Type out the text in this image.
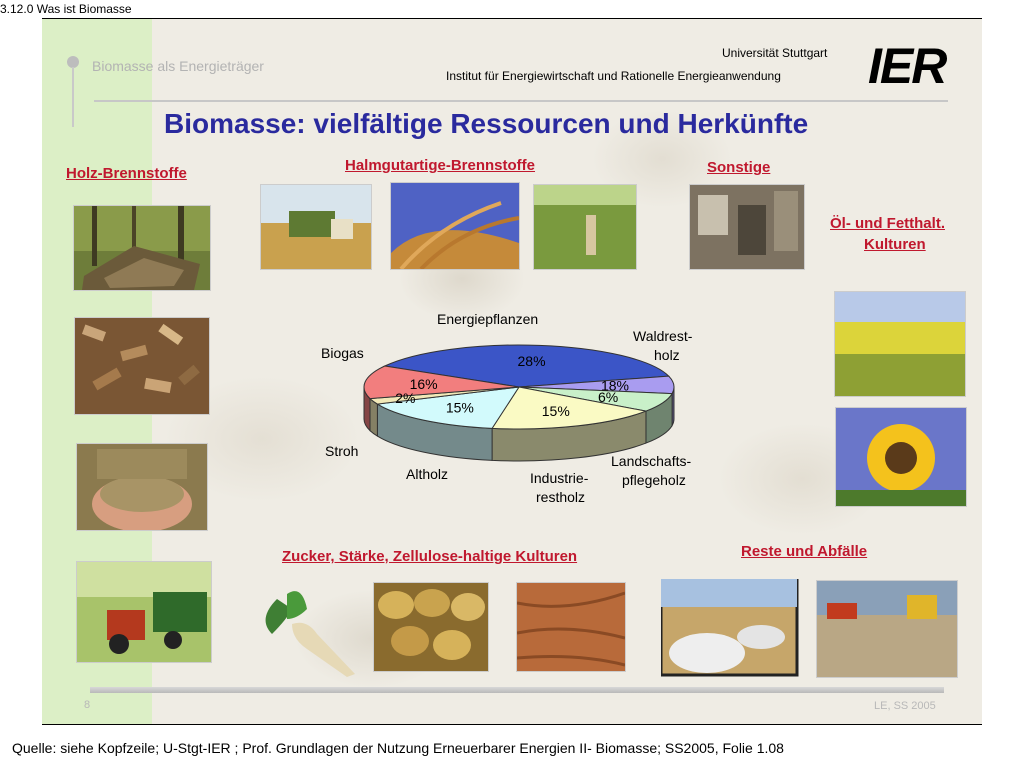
3.12.0 Was ist Biomasse
Biomasse als Energieträger
Universität Stuttgart
Institut für Energiewirtschaft und Rationelle Energieanwendung IER
Biomasse: vielfältige Ressourcen und Herkünfte
Holz-Brennstoffe	Halmgutartige-Brennstoffe	Sonstige
Öl- und Fetthalt.
Kulturen
Zucker, Stärke, Zellulose-haltige Kulturen	Reste und Abfälle
28%
18%
6%
15%
15%
2%
16%
Energiepflanzen
Waldrest-
holz
Biogas
Stroh
Altholz	Industrie-
restholz
Landschafts-
pflegeholz
8	LE, SS 2005
Quelle: siehe Kopfzeile; U-Stgt-IER ; Prof. Grundlagen der Nutzung Erneuerbarer Energien II- Biomasse; SS2005, Folie 1.08
